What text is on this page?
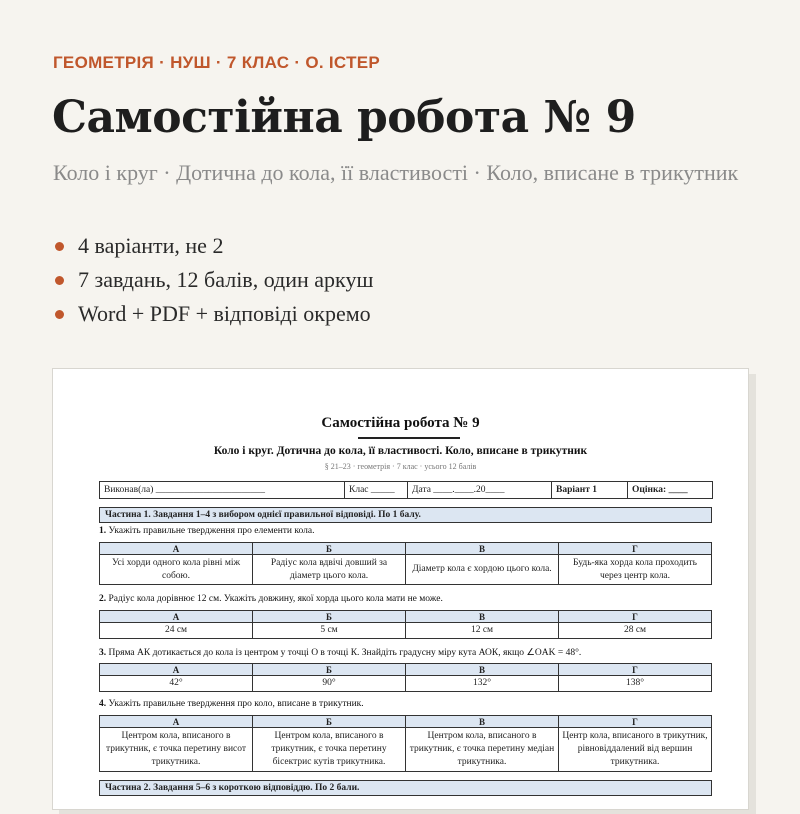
ГЕОМЕТРІЯ · НУШ · 7 КЛАС · О. ІСТЕР
Самостійна робота № 9
Коло і круг · Дотична до кола, її властивості · Коло, вписане в трикутник
4 варіанти, не 2
7 завдань, 12 балів, один аркуш
Word + PDF + відповіді окремо
Самостійна робота № 9
Коло і круг. Дотична до кола, її властивості. Коло, вписане в трикутник
§ 21–23 · геометрія · 7 клас · усього 12 балів
Виконав(ла) _______________________	Клас _____	Дата ____.____.20____	Варіант 1	Оцінка: ____
Частина 1. Завдання 1–4 з вибором однієї правильної відповіді. По 1 балу.
1. Укажіть правильне твердження про елементи кола.
А	Б	В	Г
Усі хорди одного кола рівні між собою.	Радіус кола вдвічі довший за діаметр цього кола.	Діаметр кола є хордою цього кола.	Будь-яка хорда кола проходить через центр кола.
2. Радіус кола дорівнює 12 см. Укажіть довжину, якої хорда цього кола мати не може.
А	Б	В	Г
24 см	5 см	12 см	28 см
3. Пряма АК дотикається до кола із центром у точці О в точці К. Знайдіть градусну міру кута АОК, якщо ∠OAK = 48°.
А	Б	В	Г
42°	90°	132°	138°
4. Укажіть правильне твердження про коло, вписане в трикутник.
А	Б	В	Г
Центром кола, вписаного в трикутник, є точка перетину висот трикутника.	Центром кола, вписаного в трикутник, є точка перетину бісектрис кутів трикутника.	Центром кола, вписаного в трикутник, є точка перетину медіан трикутника.	Центр кола, вписаного в трикутник, рівновіддалений від вершин трикутника.
Частина 2. Завдання 5–6 з короткою відповіддю. По 2 бали.
